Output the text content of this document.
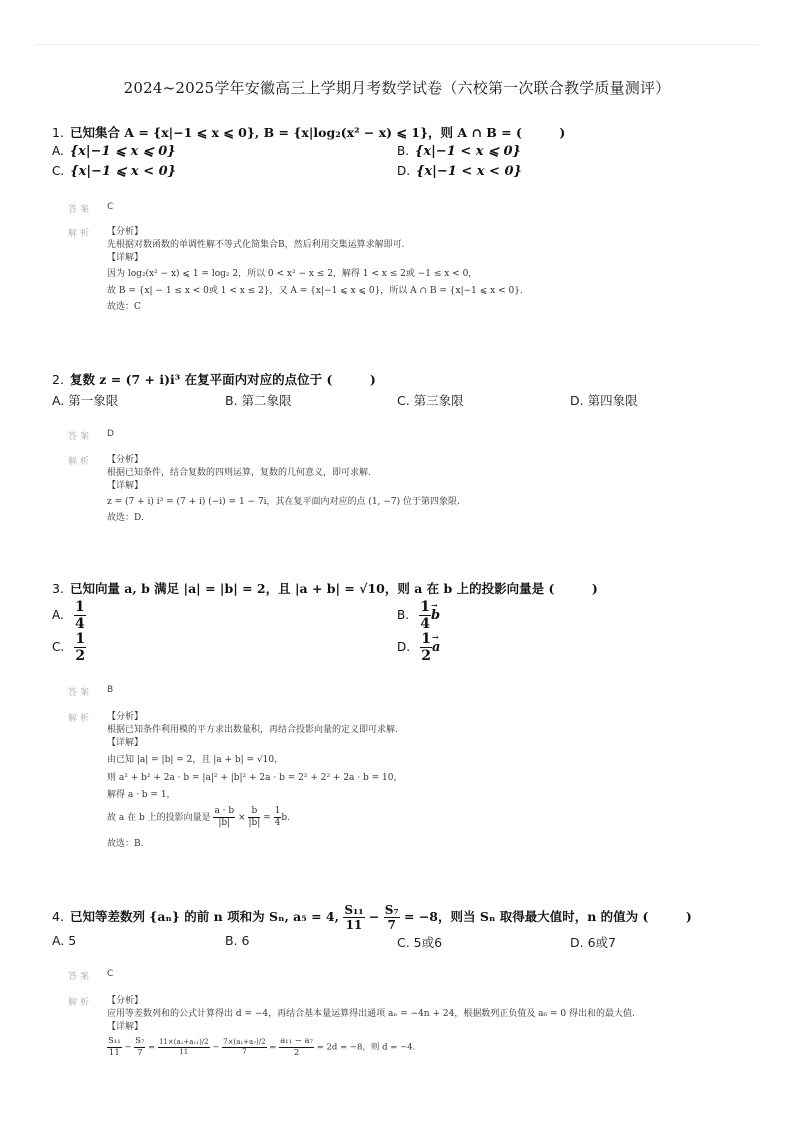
2024~2025学年安徽高三上学期月考数学试卷（六校第一次联合教学质量测评）
1. 已知集合 A = {x|−1 ⩽ x ⩽ 0}, B = {x|log₂(x² − x) ⩽ 1}，则 A ∩ B = (　　　)
A. {x|−1 ⩽ x ⩽ 0}	B. {x|−1 < x ⩽ 0}
C. {x|−1 ⩽ x < 0}	D. {x|−1 < x < 0}
答案 C
解析 【分析】
先根据对数函数的单调性解不等式化简集合B，然后利用交集运算求解即可.
【详解】
因为 log₂(x² − x) ⩽ 1 = log₂ 2，所以 0 < x² − x ≤ 2，解得 1 < x ≤ 2或 −1 ≤ x < 0，
故 B = {x| − 1 ≤ x < 0或 1 < x ≤ 2}，又 A = {x|−1 ⩽ x ⩽ 0}，所以 A ∩ B = {x|−1 ⩽ x < 0}.
故选：C
2. 复数 z = (7 + i)i³ 在复平面内对应的点位于 (　　　)
A. 第一象限	B. 第二象限	C. 第三象限	D. 第四象限
答案 D
解析 【分析】
根据已知条件，结合复数的四则运算，复数的几何意义，即可求解.
【详解】
z = (7 + i) i³ = (7 + i) (−i) = 1 − 7i，其在复平面内对应的点 (1, −7) 位于第四象限.
故选：D.
3. 已知向量 a, b 满足 |a| = |b| = 2，且 |a + b| = √10，则 a 在 b 上的投影向量是 (　　　)
A. $\frac{1}{4}$	B. $\frac{1}{4}$
→ b
C. $\frac{1}{2}$	D. $\frac{1}{2}$
→ a
答案 B
解析 【分析】
根据已知条件利用模的平方求出数量积，再结合投影向量的定义即可求解.
【详解】
由已知 |a| = |b| = 2，且 |a + b| = √10，
则 a² + b² + 2a · b = |a|² + |b|² + 2a · b = 2² + 2² + 2a · b = 10，
解得 a · b = 1，
故 a 在 b 上的投影向量是 $\frac{a \cdot b}{|b|} \times \frac{b}{|b|} = \frac{1}{4} b$.
故选：B.
4. 已知等差数列 {aₙ} 的前 n 项和为 Sₙ, a₅ = 4, $\frac{\text{S₁₁}}{11} - \frac{\text{S₇}}{7} = -8$，则当 Sₙ 取得最大值时，n 的值为 (　　　)
A. 5	B. 6	C. 5或6	D. 6或7
答案 C
解析 【分析】
应用等差数列和的公式计算得出 d = −4，再结合基本量运算得出通项 aₙ = −4n + 24，根据数列正负值及 a₆ = 0 得出和的最大值.
【详解】
$\frac{\text{S₁₁}}{11} - \frac{\text{S₇}}{7} = \frac{\text{11×(a₁+a₁₁)/2}}{11} - \frac{\text{7×(a₁+a₇)/2}}{7} = \frac{\text{a₁₁ − a₇}}{2} = 2d = -8$，则 d = −4.
